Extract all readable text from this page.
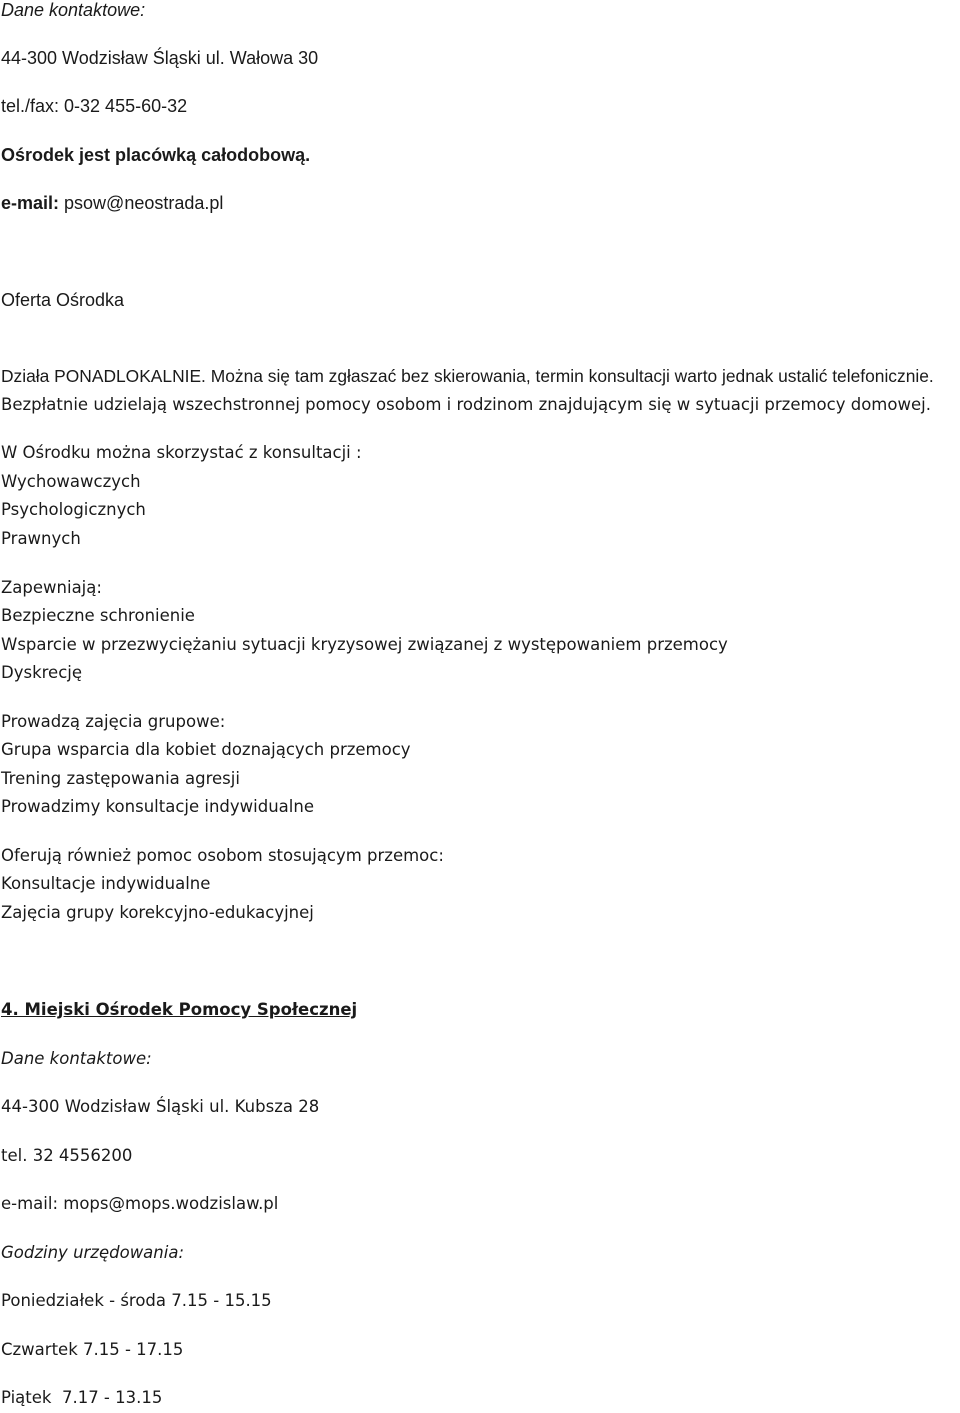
Dane kontaktowe:
44-300 Wodzisław Śląski ul. Wałowa 30
tel./fax: 0-32 455-60-32
Ośrodek jest placówką całodobową.
e-mail: psow@neostrada.pl
Oferta Ośrodka
Działa PONADLOKALNIE. Można się tam zgłaszać bez skierowania, termin konsultacji warto jednak ustalić telefonicznie.
Bezpłatnie udzielają wszechstronnej pomocy osobom i rodzinom znajdującym się w sytuacji przemocy domowej.
W Ośrodku można skorzystać z konsultacji :
Wychowawczych
Psychologicznych
Prawnych
Zapewniają:
Bezpieczne schronienie
Wsparcie w przezwyciężaniu sytuacji kryzysowej związanej z występowaniem przemocy
Dyskrecję
Prowadzą zajęcia grupowe:
Grupa wsparcia dla kobiet doznających przemocy
Trening zastępowania agresji
Prowadzimy konsultacje indywidualne
Oferują również pomoc osobom stosującym przemoc:
Konsultacje indywidualne
Zajęcia grupy korekcyjno-edukacyjnej
4. Miejski Ośrodek Pomocy Społecznej
Dane kontaktowe:
44-300 Wodzisław Śląski ul. Kubsza 28
tel. 32 4556200
e-mail: mops@mops.wodzislaw.pl
Godziny urzędowania:
Poniedziałek - środa 7.15 - 15.15
Czwartek 7.15 - 17.15
Piątek  7.17 - 13.15
